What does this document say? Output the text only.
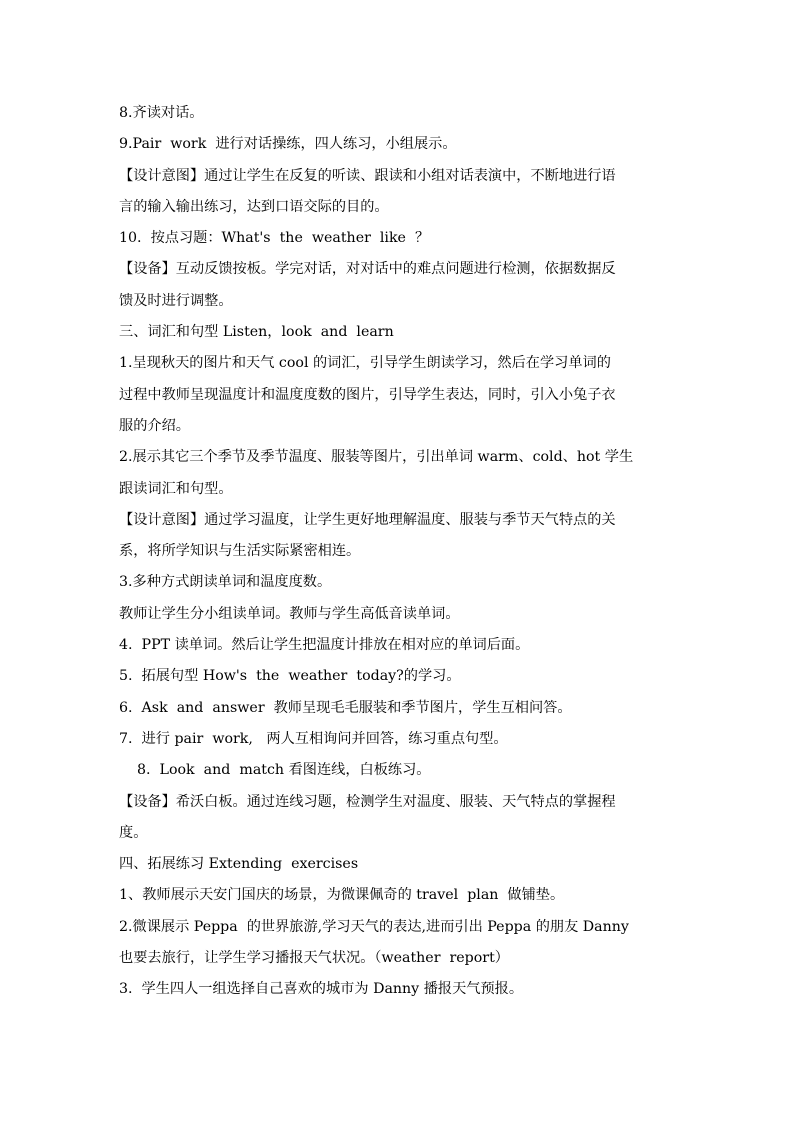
8.齐读对话。
9.Pair  work  进行对话操练，四人练习，小组展示。
【设计意图】通过让学生在反复的听读、跟读和小组对话表演中，不断地进行语
言的输入输出练习，达到口语交际的目的。
10.  按点习题：What's  the  weather  like  ？
【设备】互动反馈按板。学完对话，对对话中的难点问题进行检测，依据数据反
馈及时进行调整。
三、词汇和句型 Listen，look  and  learn
1.呈现秋天的图片和天气 cool 的词汇，引导学生朗读学习，然后在学习单词的
过程中教师呈现温度计和温度度数的图片，引导学生表达，同时，引入小兔子衣
服的介绍。
2.展示其它三个季节及季节温度、服装等图片，引出单词 warm、cold、hot 学生
跟读词汇和句型。
【设计意图】通过学习温度，让学生更好地理解温度、服装与季节天气特点的关
系，将所学知识与生活实际紧密相连。
3.多种方式朗读单词和温度度数。
教师让学生分小组读单词。教师与学生高低音读单词。
4.  PPT 读单词。然后让学生把温度计排放在相对应的单词后面。
5.  拓展句型 How's  the  weather  today?的学习。
6.  Ask  and  answer  教师呈现毛毛服装和季节图片，学生互相问答。
7.  进行 pair  work,   两人互相询问并回答，练习重点句型。
8.  Look  and  match 看图连线，白板练习。
【设备】希沃白板。通过连线习题，检测学生对温度、服装、天气特点的掌握程
度。
四、拓展练习 Extending  exercises
1、教师展示天安门国庆的场景，为微课佩奇的 travel  plan  做铺垫。
2.微课展示 Peppa  的世界旅游,学习天气的表达,进而引出 Peppa 的朋友 Danny
也要去旅行，让学生学习播报天气状况。（weather  report）
3.  学生四人一组选择自己喜欢的城市为 Danny 播报天气预报。
